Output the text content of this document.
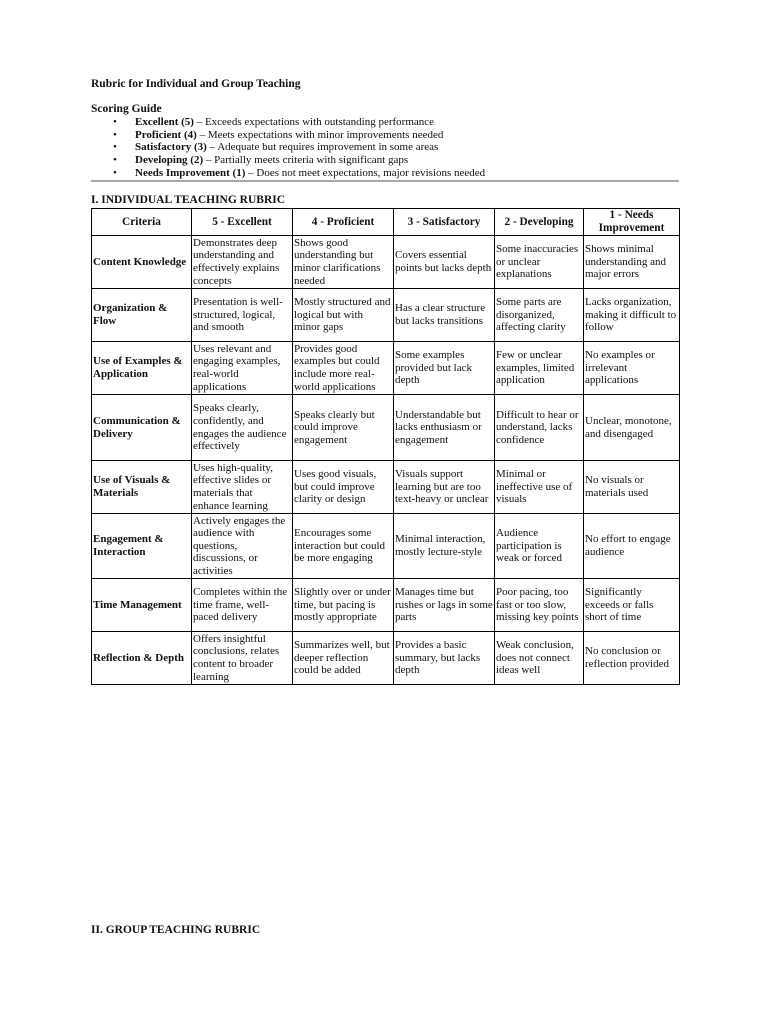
Rubric for Individual and Group Teaching
Scoring Guide
• Excellent (5) – Exceeds expectations with outstanding performance
• Proficient (4) – Meets expectations with minor improvements needed
• Satisfactory (3) – Adequate but requires improvement in some areas
• Developing (2) – Partially meets criteria with significant gaps
• Needs Improvement (1) – Does not meet expectations, major revisions needed
I. INDIVIDUAL TEACHING RUBRIC
Criteria	5 - Excellent	4 - Proficient	3 - Satisfactory	2 - Developing	1 - Needs Improvement
Content Knowledge	Demonstrates deep understanding and effectively explains concepts	Shows good understanding but minor clarifications needed	Covers essential points but lacks depth	Some inaccuracies or unclear explanations	Shows minimal understanding and major errors
Organization & Flow	Presentation is well-structured, logical, and smooth	Mostly structured and logical but with minor gaps	Has a clear structure but lacks transitions	Some parts are disorganized, affecting clarity	Lacks organization, making it difficult to follow
Use of Examples & Application	Uses relevant and engaging examples, real-world applications	Provides good examples but could include more real-world applications	Some examples provided but lack depth	Few or unclear examples, limited application	No examples or irrelevant applications
Communication & Delivery	Speaks clearly, confidently, and engages the audience effectively	Speaks clearly but could improve engagement	Understandable but lacks enthusiasm or engagement	Difficult to hear or understand, lacks confidence	Unclear, monotone, and disengaged
Use of Visuals & Materials	Uses high-quality, effective slides or materials that enhance learning	Uses good visuals, but could improve clarity or design	Visuals support learning but are too text-heavy or unclear	Minimal or ineffective use of visuals	No visuals or materials used
Engagement & Interaction	Actively engages the audience with questions, discussions, or activities	Encourages some interaction but could be more engaging	Minimal interaction, mostly lecture-style	Audience participation is weak or forced	No effort to engage audience
Time Management	Completes within the time frame, well-paced delivery	Slightly over or under time, but pacing is mostly appropriate	Manages time but rushes or lags in some parts	Poor pacing, too fast or too slow, missing key points	Significantly exceeds or falls short of time
Reflection & Depth	Offers insightful conclusions, relates content to broader learning	Summarizes well, but deeper reflection could be added	Provides a basic summary, but lacks depth	Weak conclusion, does not connect ideas well	No conclusion or reflection provided
II. GROUP TEACHING RUBRIC
